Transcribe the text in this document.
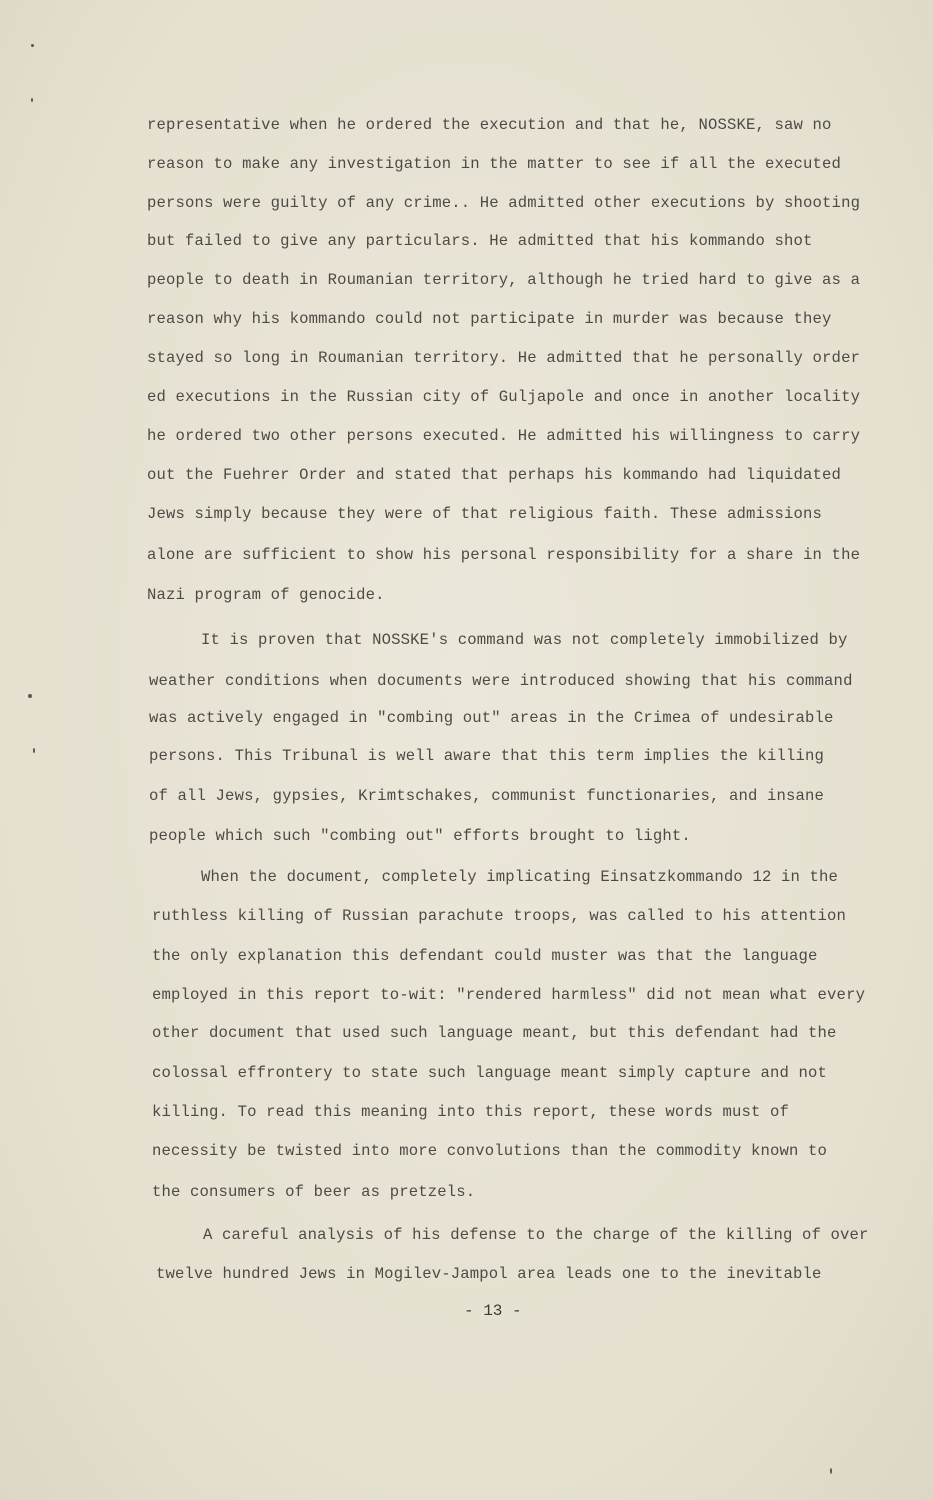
representative when he ordered the execution and that he, NOSSKE, saw no
reason to make any investigation in the matter to see if all the executed
persons were guilty of any crime.. He admitted other executions by shooting
but failed to give any particulars. He admitted that his kommando shot
people to death in Roumanian territory, although he tried hard to give as a
reason why his kommando could not participate in murder was because they
stayed so long in Roumanian territory. He admitted that he personally order
ed executions in the Russian city of Guljapole and once in another locality
he ordered two other persons executed. He admitted his willingness to carry
out the Fuehrer Order and stated that perhaps his kommando had liquidated
Jews simply because they were of that religious faith. These admissions
alone are sufficient to show his personal responsibility for a share in the
Nazi program of genocide.
It is proven that NOSSKE's command was not completely immobilized by
weather conditions when documents were introduced showing that his command
was actively engaged in "combing out" areas in the Crimea of undesirable
persons. This Tribunal is well aware that this term implies the killing
of all Jews, gypsies, Krimtschakes, communist functionaries, and insane
people which such "combing out" efforts brought to light.
When the document, completely implicating Einsatzkommando 12 in the
ruthless killing of Russian parachute troops, was called to his attention
the only explanation this defendant could muster was that the language
employed in this report to-wit: "rendered harmless" did not mean what every
other document that used such language meant, but this defendant had the
colossal effrontery to state such language meant simply capture and not
killing. To read this meaning into this report, these words must of
necessity be twisted into more convolutions than the commodity known to
the consumers of beer as pretzels.
A careful analysis of his defense to the charge of the killing of over
twelve hundred Jews in Mogilev-Jampol area leads one to the inevitable
- 13 -
